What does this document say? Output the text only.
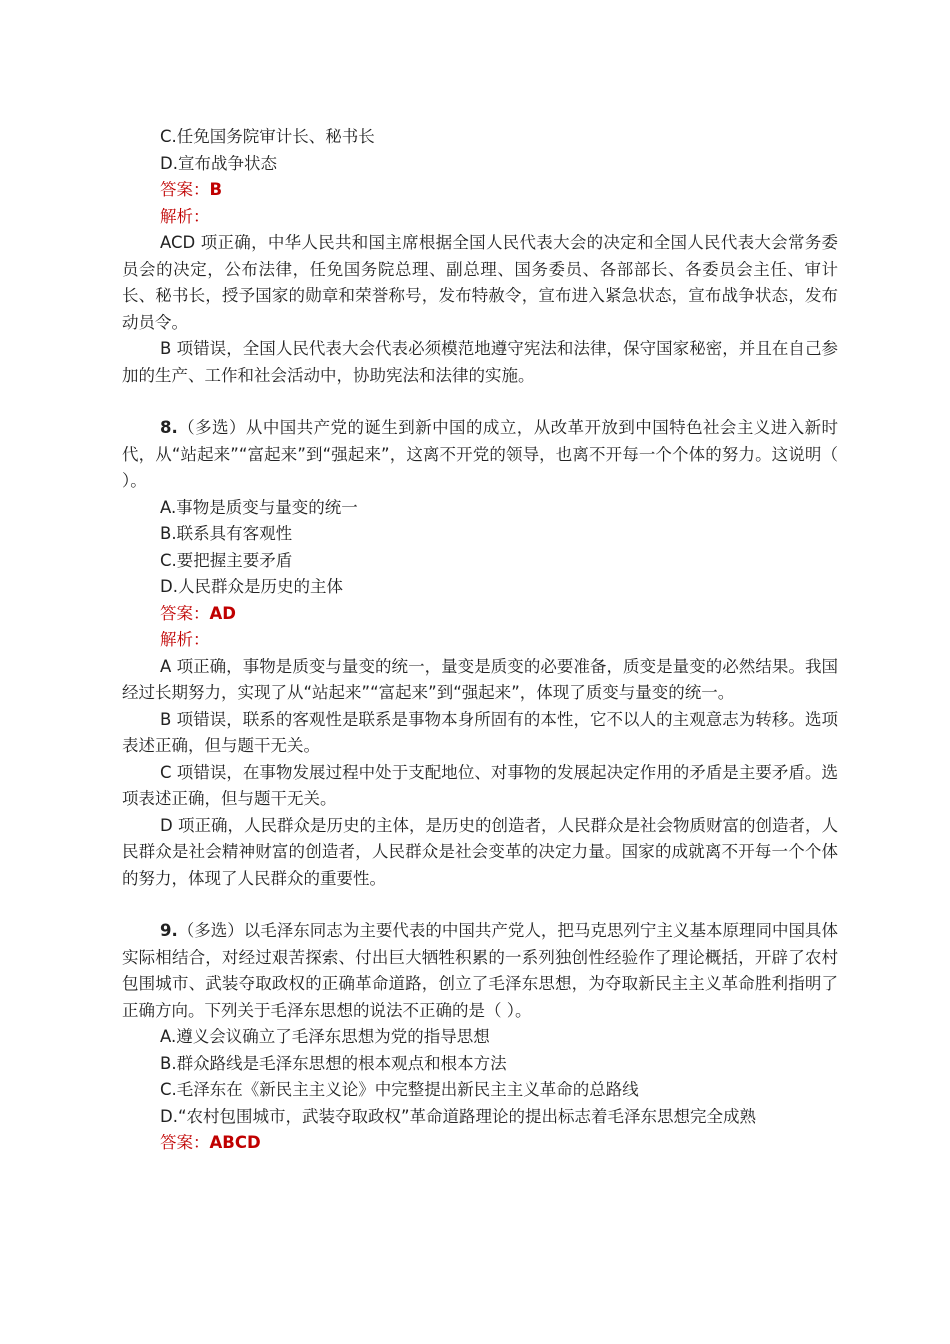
C.任免国务院审计长、秘书长

D.宣布战争状态

答案：B

解析：

ACD 项正确，中华人民共和国主席根据全国人民代表大会的决定和全国人民代表大会常务委员会的决定，公布法律，任免国务院总理、副总理、国务委员、各部部长、各委员会主任、审计长、秘书长，授予国家的勋章和荣誉称号，发布特赦令，宣布进入紧急状态，宣布战争状态，发布动员令。

B 项错误，全国人民代表大会代表必须模范地遵守宪法和法律，保守国家秘密，并且在自己参加的生产、工作和社会活动中，协助宪法和法律的实施。

8.（多选）从中国共产党的诞生到新中国的成立，从改革开放到中国特色社会主义进入新时代，从“站起来”“富起来”到“强起来”，这离不开党的领导，也离不开每一个个体的努力。这说明（ ）。

A.事物是质变与量变的统一

B.联系具有客观性

C.要把握主要矛盾

D.人民群众是历史的主体

答案：AD

解析：

A 项正确，事物是质变与量变的统一，量变是质变的必要准备，质变是量变的必然结果。我国经过长期努力，实现了从“站起来”“富起来”到“强起来”，体现了质变与量变的统一。

B 项错误，联系的客观性是联系是事物本身所固有的本性，它不以人的主观意志为转移。选项表述正确，但与题干无关。

C 项错误，在事物发展过程中处于支配地位、对事物的发展起决定作用的矛盾是主要矛盾。选项表述正确，但与题干无关。

D 项正确，人民群众是历史的主体，是历史的创造者，人民群众是社会物质财富的创造者，人民群众是社会精神财富的创造者，人民群众是社会变革的决定力量。国家的成就离不开每一个个体的努力，体现了人民群众的重要性。

9.（多选）以毛泽东同志为主要代表的中国共产党人，把马克思列宁主义基本原理同中国具体实际相结合，对经过艰苦探索、付出巨大牺牲积累的一系列独创性经验作了理论概括，开辟了农村包围城市、武装夺取政权的正确革命道路，创立了毛泽东思想，为夺取新民主主义革命胜利指明了正确方向。下列关于毛泽东思想的说法不正确的是（ ）。

A.遵义会议确立了毛泽东思想为党的指导思想

B.群众路线是毛泽东思想的根本观点和根本方法

C.毛泽东在《新民主主义论》中完整提出新民主主义革命的总路线

D.“农村包围城市，武装夺取政权”革命道路理论的提出标志着毛泽东思想完全成熟

答案：ABCD
